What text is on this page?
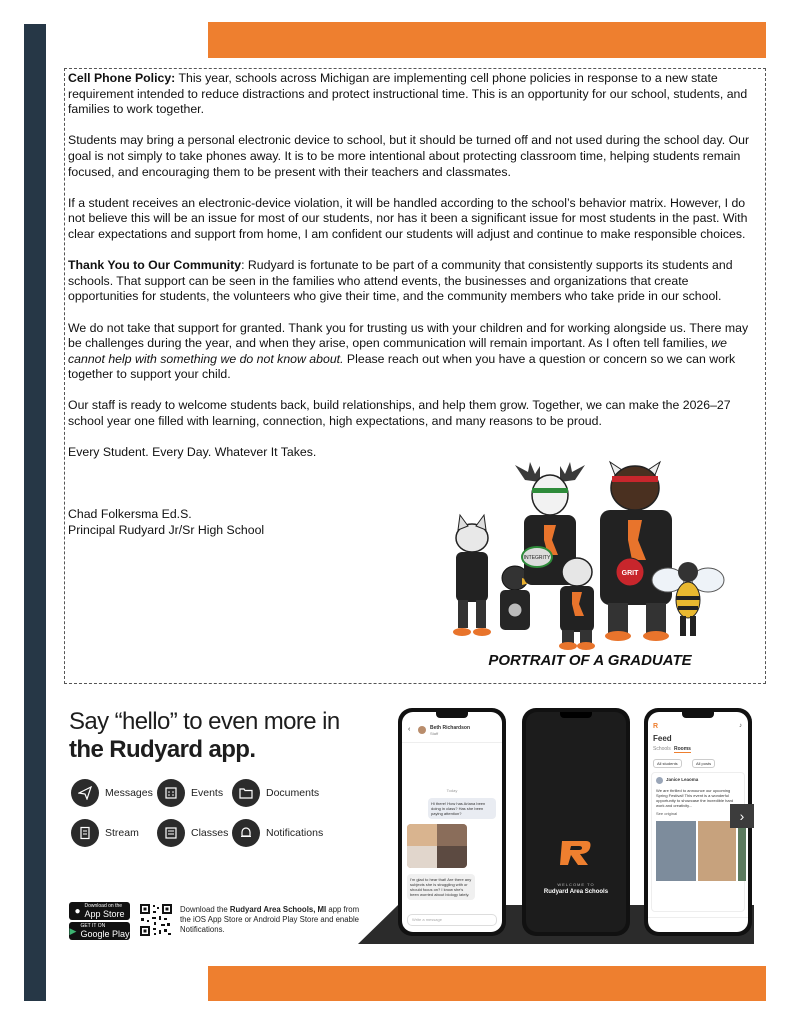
Cell Phone Policy: This year, schools across Michigan are implementing cell phone policies in response to a new state requirement intended to reduce distractions and protect instructional time. This is an opportunity for our school, students, and families to work together.

Students may bring a personal electronic device to school, but it should be turned off and not used during the school day. Our goal is not simply to take phones away. It is to be more intentional about protecting classroom time, helping students remain focused, and encouraging them to be present with their teachers and classmates.

If a student receives an electronic-device violation, it will be handled according to the school’s behavior matrix. However, I do not believe this will be an issue for most of our students, nor has it been a significant issue for most students in the past. With clear expectations and support from home, I am confident our students will adjust and continue to make responsible choices.

Thank You to Our Community: Rudyard is fortunate to be part of a community that consistently supports its students and schools. That support can be seen in the families who attend events, the businesses and organizations that create opportunities for students, the volunteers who give their time, and the community members who take pride in our school.

We do not take that support for granted. Thank you for trusting us with your children and for working alongside us. There may be challenges during the year, and when they arise, open communication will remain important. As I often tell families, we cannot help with something we do not know about. Please reach out when you have a question or concern so we can work together to support your child.

Our staff is ready to welcome students back, build relationships, and help them grow. Together, we can make the 2026–27 school year one filled with learning, connection, high expectations, and many reasons to be proud.

Every Student. Every Day. Whatever It Takes.

Chad Folkersma Ed.S.
Principal Rudyard Jr/Sr High School
INTEGRITY
GRIT
PORTRAIT OF A GRADUATE
Say “hello” to even more in
the Rudyard app.
Messages	Events	Documents
Stream	Classes	Notifications
● Download on the
App Store
▶ GET IT ON
Google Play
Download the Rudyard Area Schools, MI app from the iOS App Store or Android Play Store and enable Notifications.
‹	Beth Richardson
Staff
Today
Hi there! How has Ariana been doing in class? Has she been paying attention?
I'm glad to hear that! Are there any subjects she is struggling with or should focus on? I know she's been worried about biology lately.
Write a message
WELCOME TO
Rudyard Area Schools
R	♪
Feed
Schools Rooms
All students	All posts
Janice Leaoma
We are thrilled to announce our upcoming Spring Festival! This event is a wonderful opportunity to showcase the incredible hard work and creativity...
See original	›
